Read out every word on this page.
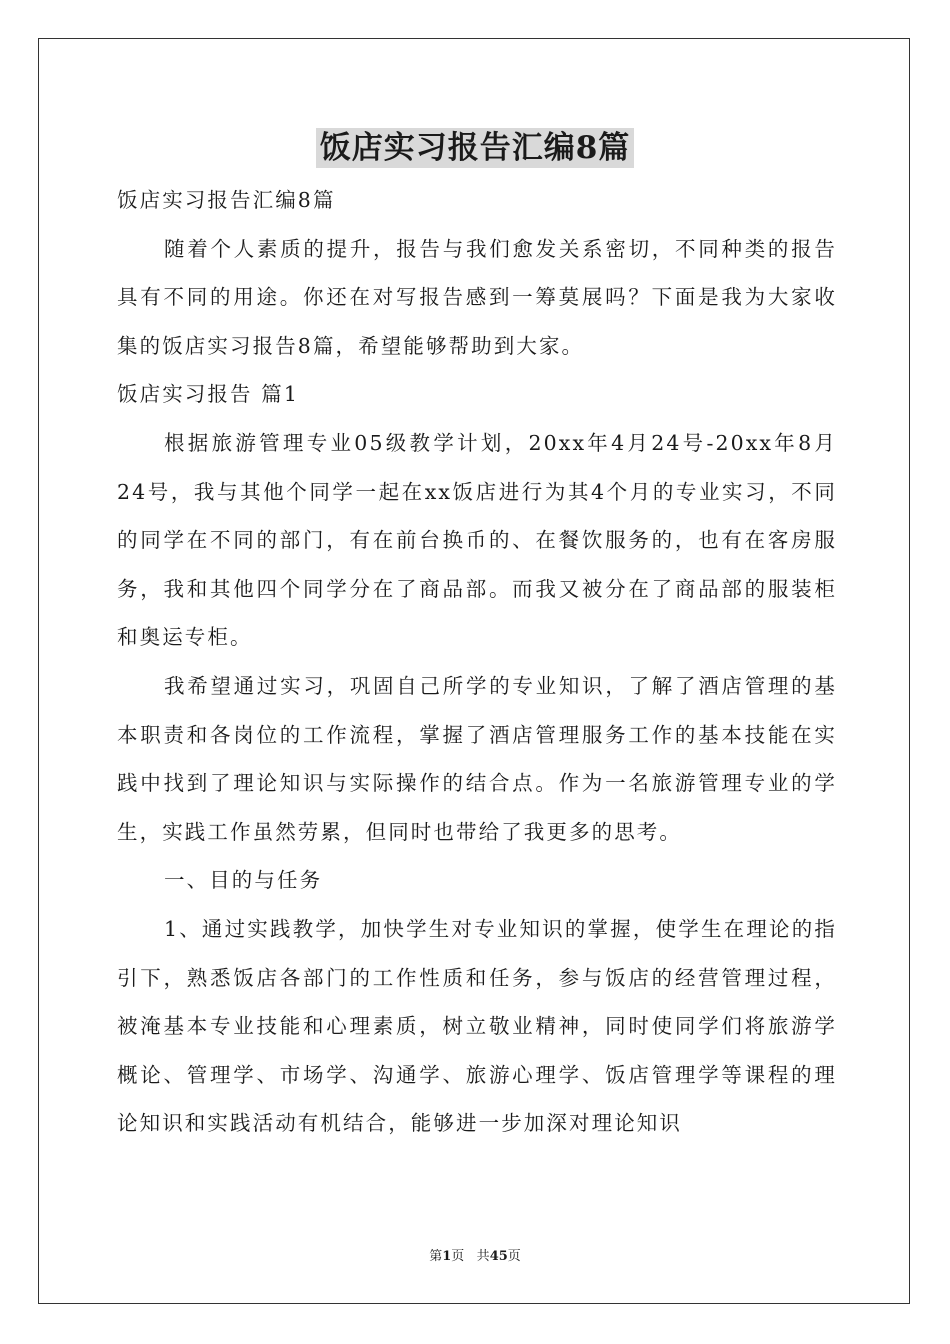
饭店实习报告汇编8篇

饭店实习报告汇编8篇

随着个人素质的提升，报告与我们愈发关系密切，不同种类的报告具有不同的用途。你还在对写报告感到一筹莫展吗？下面是我为大家收集的饭店实习报告8篇，希望能够帮助到大家。

饭店实习报告 篇1

根据旅游管理专业05级教学计划，20xx年4月24号-20xx年8月24号，我与其他个同学一起在xx饭店进行为其4个月的专业实习，不同的同学在不同的部门，有在前台换币的、在餐饮服务的，也有在客房服务，我和其他四个同学分在了商品部。而我又被分在了商品部的服装柜和奥运专柜。

我希望通过实习，巩固自己所学的专业知识，了解了酒店管理的基本职责和各岗位的工作流程，掌握了酒店管理服务工作的基本技能在实践中找到了理论知识与实际操作的结合点。作为一名旅游管理专业的学生，实践工作虽然劳累，但同时也带给了我更多的思考。

一、目的与任务

1、通过实践教学，加快学生对专业知识的掌握，使学生在理论的指引下，熟悉饭店各部门的工作性质和任务，参与饭店的经营管理过程，被淹基本专业技能和心理素质，树立敬业精神，同时使同学们将旅游学概论、管理学、市场学、沟通学、旅游心理学、饭店管理学等课程的理论知识和实践活动有机结合，能够进一步加深对理论知识

第1页 共45页
